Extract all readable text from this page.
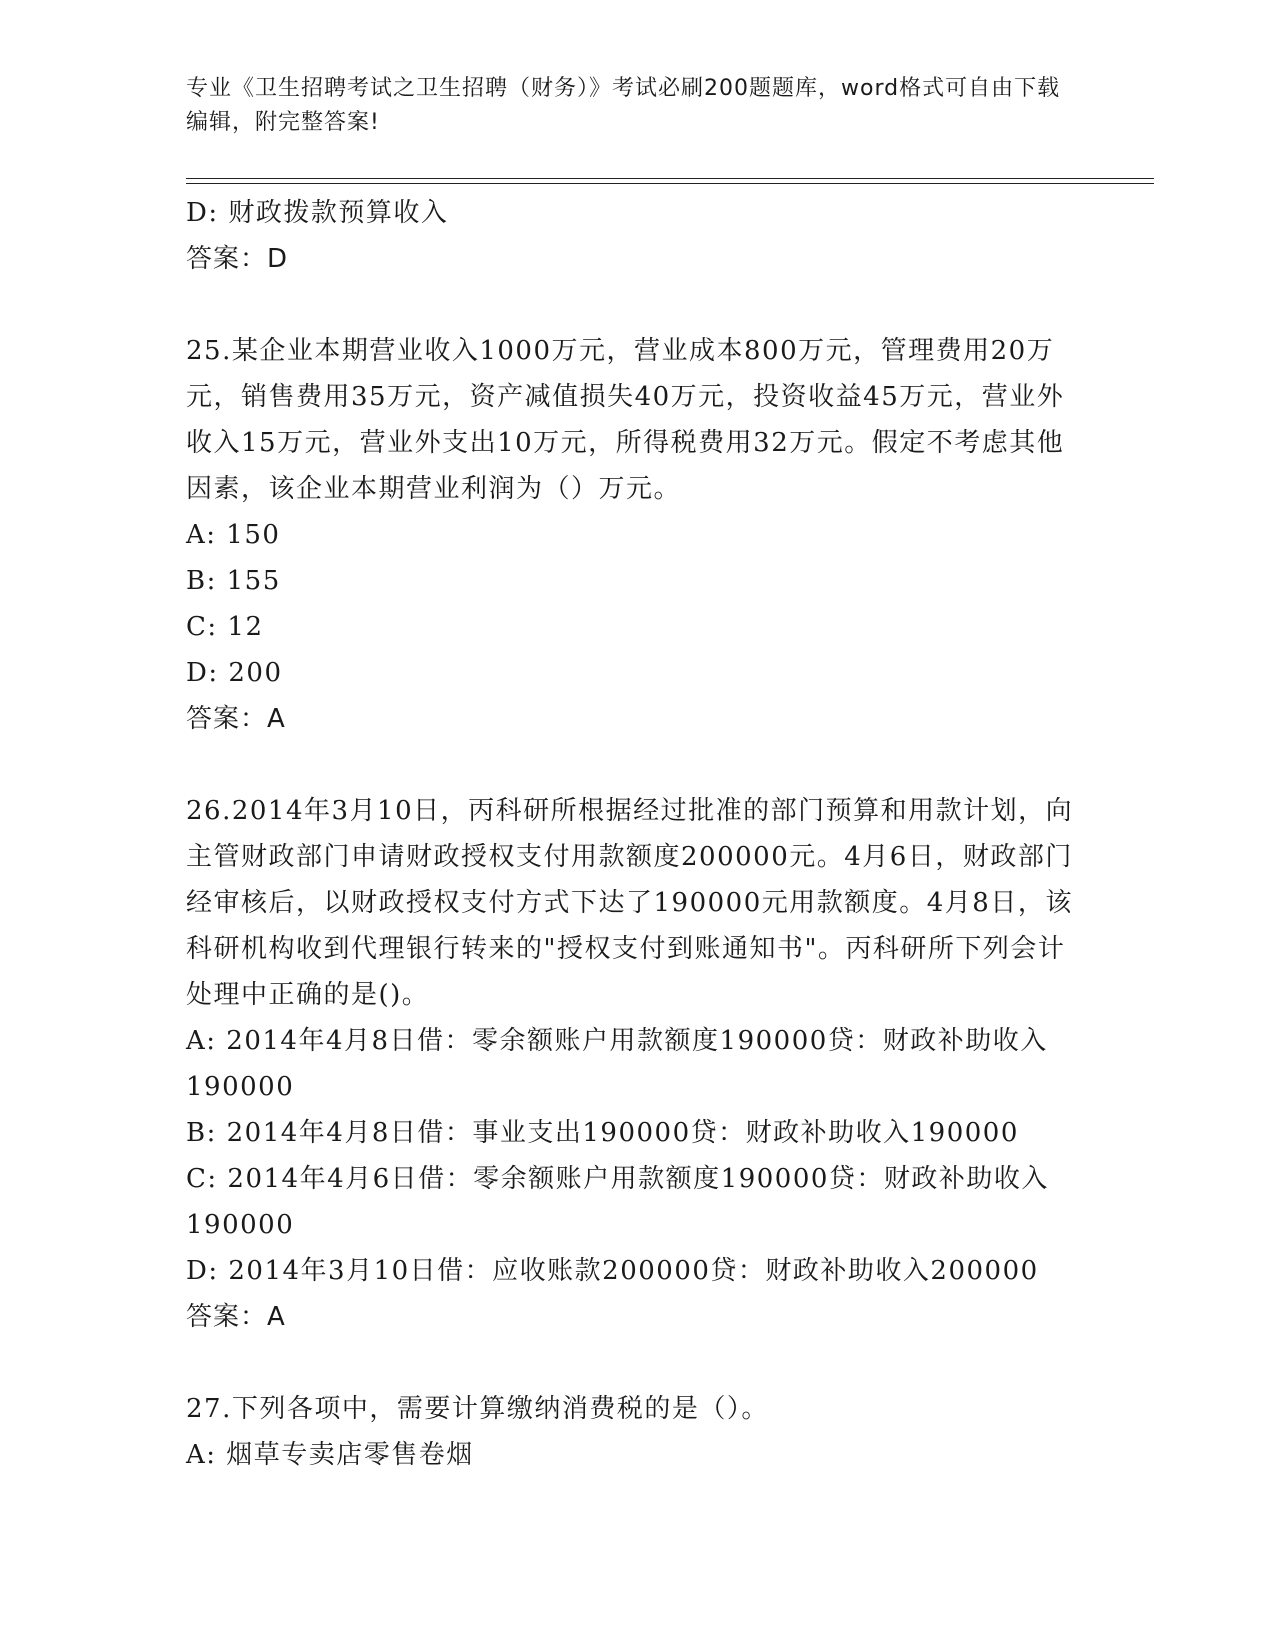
专业《卫生招聘考试之卫生招聘（财务）》考试必刷200题题库，word格式可自由下载编辑，附完整答案!
D: 财政拨款预算收入
答案：D
25.某企业本期营业收入1000万元，营业成本800万元，管理费用20万元，销售费用35万元，资产减值损失40万元，投资收益45万元，营业外收入15万元，营业外支出10万元，所得税费用32万元。假定不考虑其他因素，该企业本期营业利润为（）万元。
A: 150
B: 155
C: 12
D: 200
答案：A
26.2014年3月10日，丙科研所根据经过批准的部门预算和用款计划，向主管财政部门申请财政授权支付用款额度200000元。4月6日，财政部门经审核后，以财政授权支付方式下达了190000元用款额度。4月8日，该科研机构收到代理银行转来的"授权支付到账通知书"。丙科研所下列会计处理中正确的是()。
A: 2014年4月8日借：零余额账户用款额度190000贷：财政补助收入190000
B: 2014年4月8日借：事业支出190000贷：财政补助收入190000
C: 2014年4月6日借：零余额账户用款额度190000贷：财政补助收入190000
D: 2014年3月10日借：应收账款200000贷：财政补助收入200000
答案：A
27.下列各项中，需要计算缴纳消费税的是（）。
A: 烟草专卖店零售卷烟
